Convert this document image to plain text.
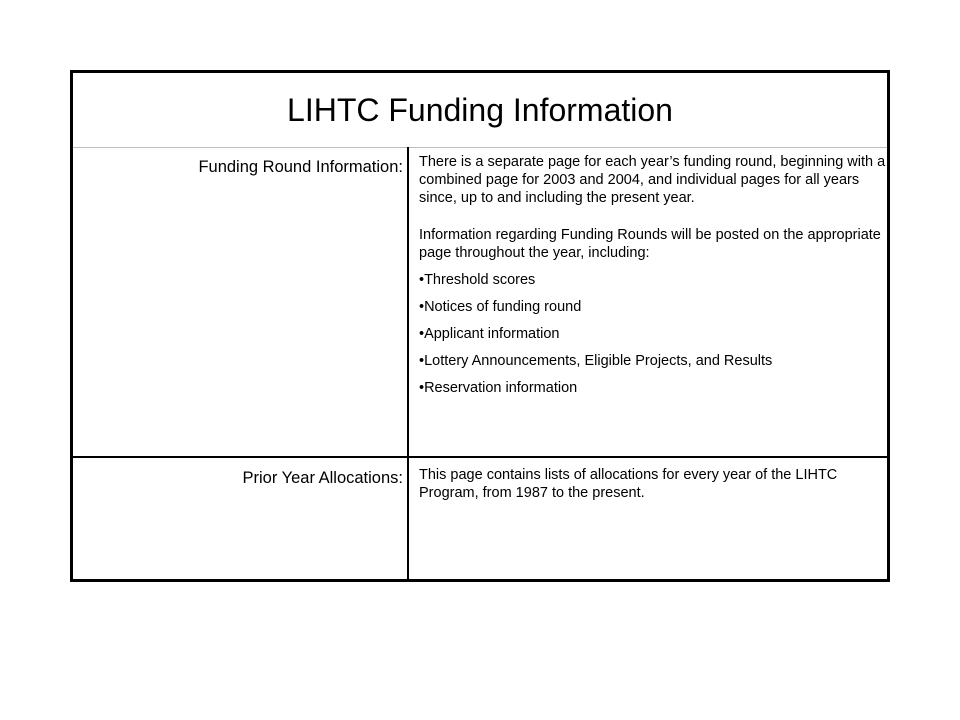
LIHTC Funding Information
Funding Round Information: There is a separate page for each year’s funding round, beginning with a combined page for 2003 and 2004, and individual pages for all years since, up to and including the present year.

Information regarding Funding Rounds will be posted on the appropriate page throughout the year, including:

•Threshold scores

•Notices of funding round

•Applicant information

•Lottery Announcements, Eligible Projects, and Results

•Reservation information

Prior Year Allocations: This page contains lists of allocations for every year of the LIHTC Program, from 1987 to the present.
